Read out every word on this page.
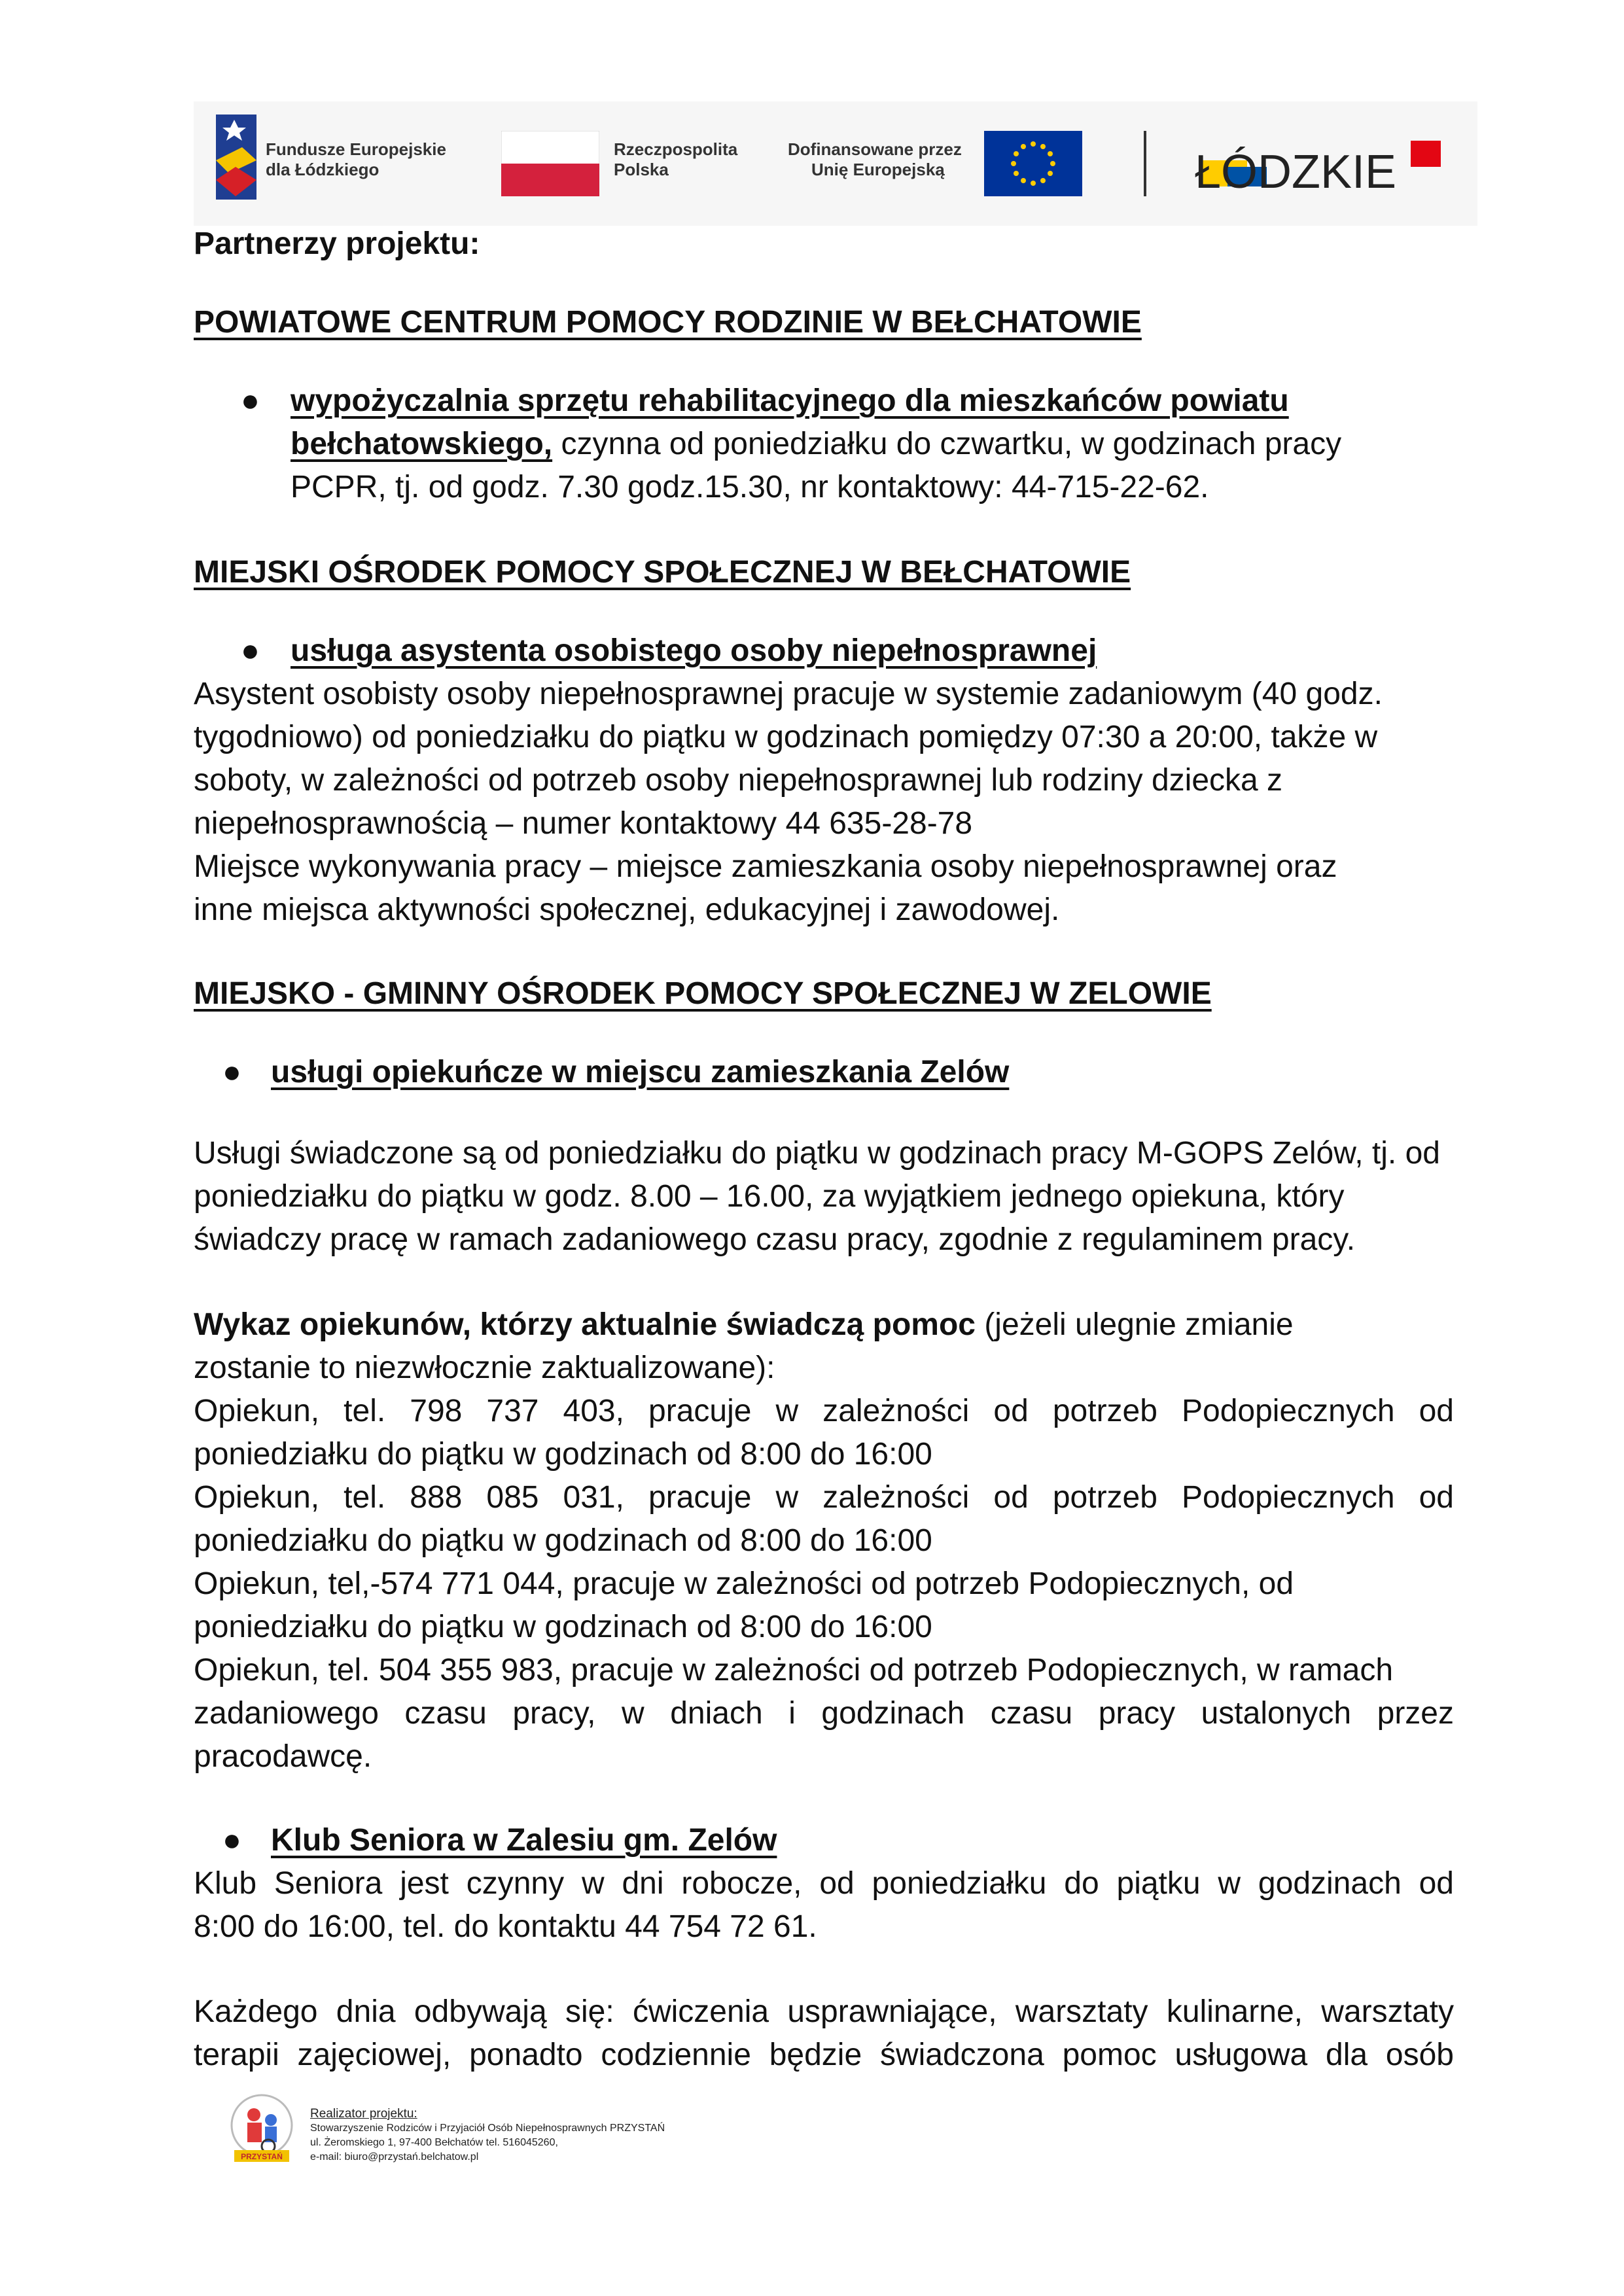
Fundusze Europejskie
dla Łódzkiego
Rzeczpospolita
Polska
Dofinansowane przez
Unię Europejską	ŁÓDZKIE
Partnerzy projektu:
POWIATOWE CENTRUM POMOCY RODZINIE W BEŁCHATOWIE
● wypożyczalnia sprzętu rehabilitacyjnego dla mieszkańców powiatu
bełchatowskiego, czynna od poniedziałku do czwartku, w godzinach pracy
PCPR, tj. od godz. 7.30 godz.15.30, nr kontaktowy: 44-715-22-62.
MIEJSKI OŚRODEK POMOCY SPOŁECZNEJ W BEŁCHATOWIE
● usługa asystenta osobistego osoby niepełnosprawnej
Asystent osobisty osoby niepełnosprawnej pracuje w systemie zadaniowym (40 godz.
tygodniowo) od poniedziałku do piątku w godzinach pomiędzy 07:30 a 20:00, także w
soboty, w zależności od potrzeb osoby niepełnosprawnej lub rodziny dziecka z
niepełnosprawnością – numer kontaktowy 44 635-28-78
Miejsce wykonywania pracy – miejsce zamieszkania osoby niepełnosprawnej oraz
inne miejsca aktywności społecznej, edukacyjnej i zawodowej.
MIEJSKO - GMINNY OŚRODEK POMOCY SPOŁECZNEJ W ZELOWIE
● usługi opiekuńcze w miejscu zamieszkania Zelów
Usługi świadczone są od poniedziałku do piątku w godzinach pracy M-GOPS Zelów, tj. od
poniedziałku do piątku w godz. 8.00 – 16.00, za wyjątkiem jednego opiekuna, który
świadczy pracę w ramach zadaniowego czasu pracy, zgodnie z regulaminem pracy.
Wykaz opiekunów, którzy aktualnie świadczą pomoc (jeżeli ulegnie zmianie
zostanie to niezwłocznie zaktualizowane):
Opiekun, tel. 798 737 403, pracuje w zależności od potrzeb Podopiecznych od
poniedziałku do piątku w godzinach od 8:00 do 16:00
Opiekun, tel. 888 085 031, pracuje w zależności od potrzeb Podopiecznych od
poniedziałku do piątku w godzinach od 8:00 do 16:00
Opiekun, tel,-574 771 044, pracuje w zależności od potrzeb Podopiecznych, od
poniedziałku do piątku w godzinach od 8:00 do 16:00
Opiekun, tel. 504 355 983, pracuje w zależności od potrzeb Podopiecznych, w ramach
zadaniowego czasu pracy, w dniach i godzinach czasu pracy ustalonych przez
pracodawcę.
● Klub Seniora w Zalesiu gm. Zelów
Klub Seniora jest czynny w dni robocze, od poniedziałku do piątku w godzinach od
8:00 do 16:00, tel. do kontaktu 44 754 72 61.
Każdego dnia odbywają się: ćwiczenia usprawniające, warsztaty kulinarne, warsztaty
terapii zajęciowej, ponadto codziennie będzie świadczona pomoc usługowa dla osób
PRZYSTAŃ
Realizator projektu:
Stowarzyszenie Rodziców i Przyjaciół Osób Niepełnosprawnych PRZYSTAŃ
ul. Żeromskiego 1, 97-400 Bełchatów tel. 516045260,
e-mail: biuro@przystań.belchatow.pl
